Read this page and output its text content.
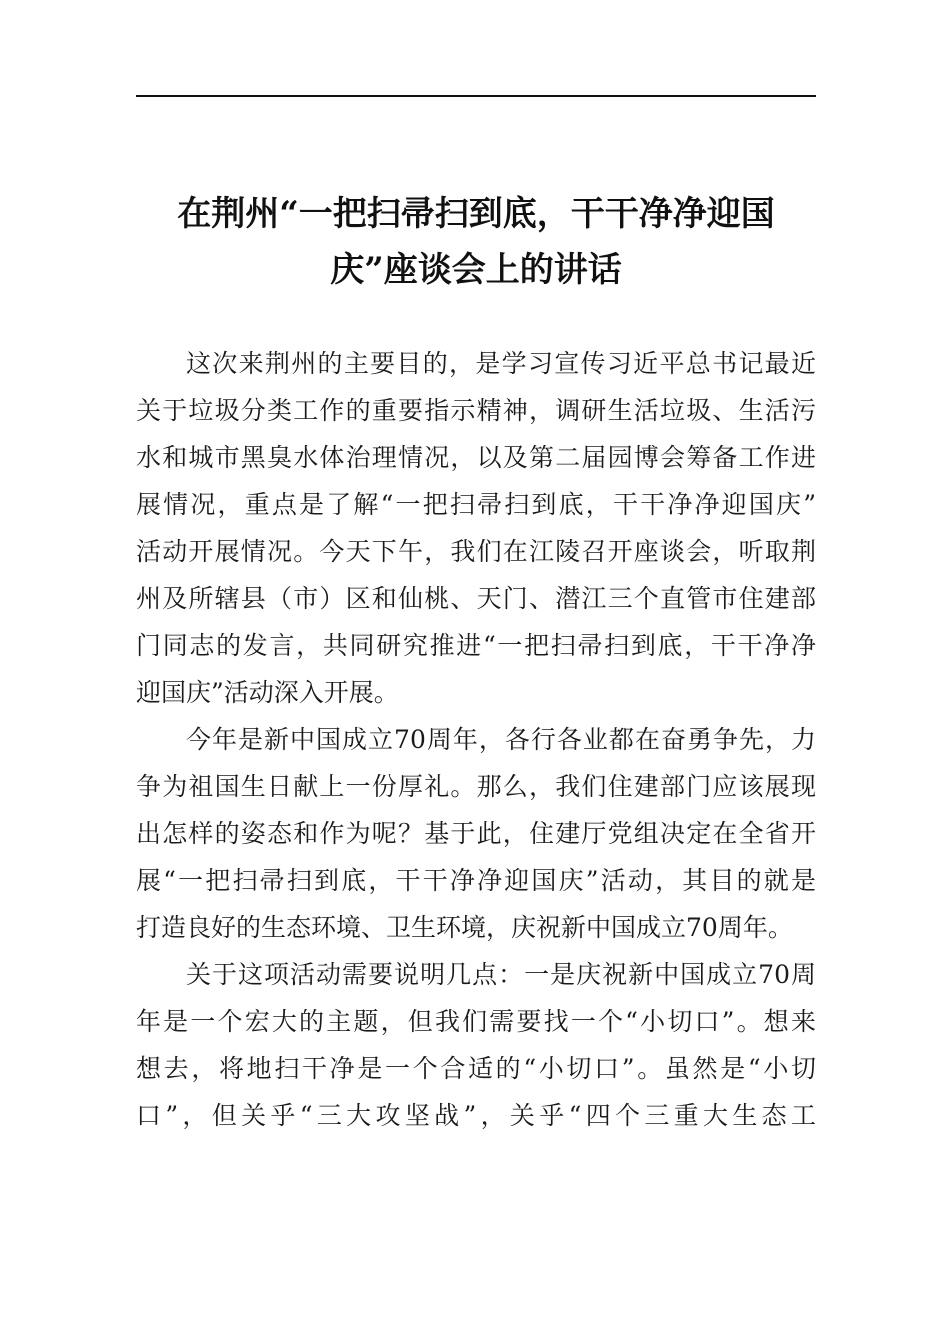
在荆州“一把扫帚扫到底，干干净净迎国
庆”座谈会上的讲话
这次来荆州的主要目的，是学习宣传习近平总书记最近
关于垃圾分类工作的重要指示精神，调研生活垃圾、生活污
水和城市黑臭水体治理情况，以及第二届园博会筹备工作进
展情况，重点是了解“一把扫帚扫到底，干干净净迎国庆”
活动开展情况。今天下午，我们在江陵召开座谈会，听取荆
州及所辖县（市）区和仙桃、天门、潜江三个直管市住建部
门同志的发言，共同研究推进“一把扫帚扫到底，干干净净
迎国庆”活动深入开展。
今年是新中国成立70周年，各行各业都在奋勇争先，力
争为祖国生日献上一份厚礼。那么，我们住建部门应该展现
出怎样的姿态和作为呢？基于此，住建厅党组决定在全省开
展“一把扫帚扫到底，干干净净迎国庆”活动，其目的就是
打造良好的生态环境、卫生环境，庆祝新中国成立70周年。
关于这项活动需要说明几点：一是庆祝新中国成立70周
年是一个宏大的主题，但我们需要找一个“小切口”。想来
想去，将地扫干净是一个合适的“小切口”。虽然是“小切
口”，但关乎“三大攻坚战”，关乎“四个三重大生态工
